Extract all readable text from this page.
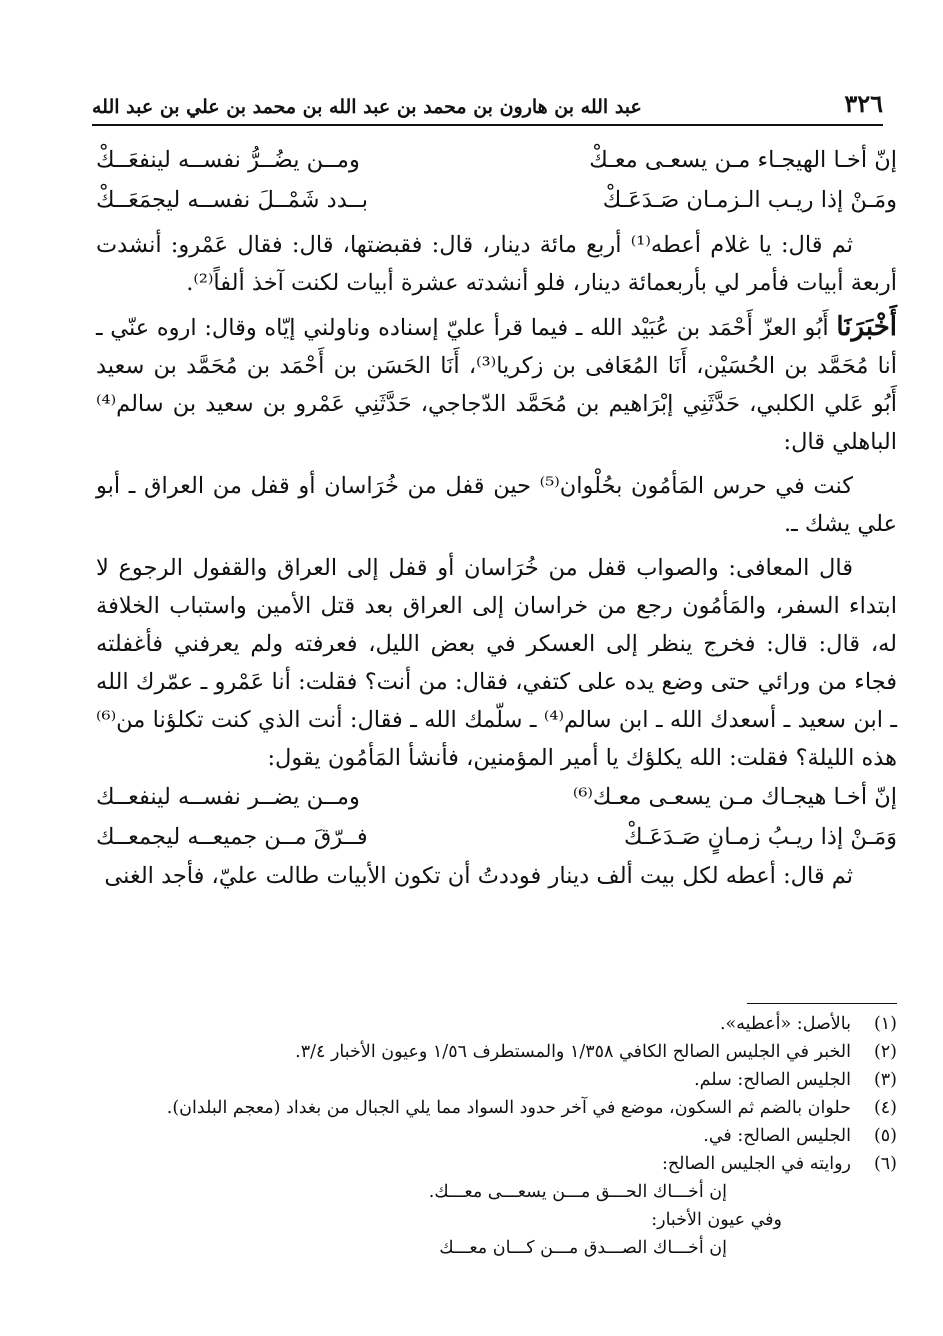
٣٢٦
عبد الله بن هارون بن محمد بن عبد الله بن محمد بن علي بن عبد الله
إنّ أخـا الهيجـاء مـن يسعـى معـكْ
ومــن يضُــرُّ نفســه لينفعَــكْ
ومَـنْ إذا ريـب الـزمـان صَـدَعَـكْ
بــدد شَمْــلَ نفســه ليجمَعَــكْ

ثم قال: يا غلام أعطه⁽¹⁾ أربع مائة دينار، قال: فقبضتها، قال: فقال عَمْرو: أنشدت أربعة أبيات فأمر لي بأربعمائة دينار، فلو أنشدته عشرة أبيات لكنت آخذ ألفاً⁽²⁾.

أَخْبَرَنَا أَبُو العزّ أَحْمَد بن عُبَيْد الله ـ فيما قرأ عليّ إسناده وناولني إيّاه وقال: اروه عنّي ـ أنا مُحَمَّد بن الحُسَيْن، أَنَا المُعَافى بن زكريا⁽³⁾، أَنَا الحَسَن بن أَحْمَد بن مُحَمَّد بن سعيد أَبُو عَلي الكلبي، حَدَّثَنِي إبْرَاهيم بن مُحَمَّد الدّجاجي، حَدَّثَنِي عَمْرو بن سعيد بن سالم⁽⁴⁾ الباهلي قال:

كنت في حرس المَأمُون بحُلْوان⁽⁵⁾ حين قفل من خُرَاسان أو قفل من العراق ـ أبو علي يشك ـ.

قال المعافى: والصواب قفل من خُرَاسان أو قفل إلى العراق والقفول الرجوع لا ابتداء السفر، والمَأمُون رجع من خراسان إلى العراق بعد قتل الأمين واستباب الخلافة له، قال: قال: فخرج ينظر إلى العسكر في بعض الليل، فعرفته ولم يعرفني فأغفلته فجاء من ورائي حتى وضع يده على كتفي، فقال: من أنت؟ فقلت: أنا عَمْرو ـ عمّرك الله ـ ابن سعيد ـ أسعدك الله ـ ابن سالم⁽⁴⁾ ـ سلّمك الله ـ فقال: أنت الذي كنت تكلؤنا من⁽⁶⁾ هذه الليلة؟ فقلت: الله يكلؤك يا أمير المؤمنين، فأنشأ المَأمُون يقول:

إنّ أخـا هيجـاك مـن يسعـى معـك⁽⁶⁾
ومــن يضــر نفســه لينفعــك
وَمَـنْ إذا ريـبُ زمـانٍ صَـدَعَـكْ
فــرّقَ مــن جميعــه ليجمعــك

ثم قال: أعطه لكل بيت ألف دينار فوددتُ أن تكون الأبيات طالت عليّ، فأجد الغنى

(١)
بالأصل: «أعطيه».
(٢)
الخبر في الجليس الصالح الكافي ١/٣٥٨ والمستطرف ١/٥٦ وعيون الأخبار ٣/٤.
(٣)
الجليس الصالح: سلم.
(٤)
حلوان بالضم ثم السكون، موضع في آخر حدود السواد مما يلي الجبال من بغداد (معجم البلدان).
(٥)
الجليس الصالح: في.
(٦)
روايته في الجليس الصالح:
إن أخـــاك الحـــق مـــن يسعـــى معـــك.
وفي عيون الأخبار:
إن أخـــاك الصـــدق مـــن كـــان معـــك
